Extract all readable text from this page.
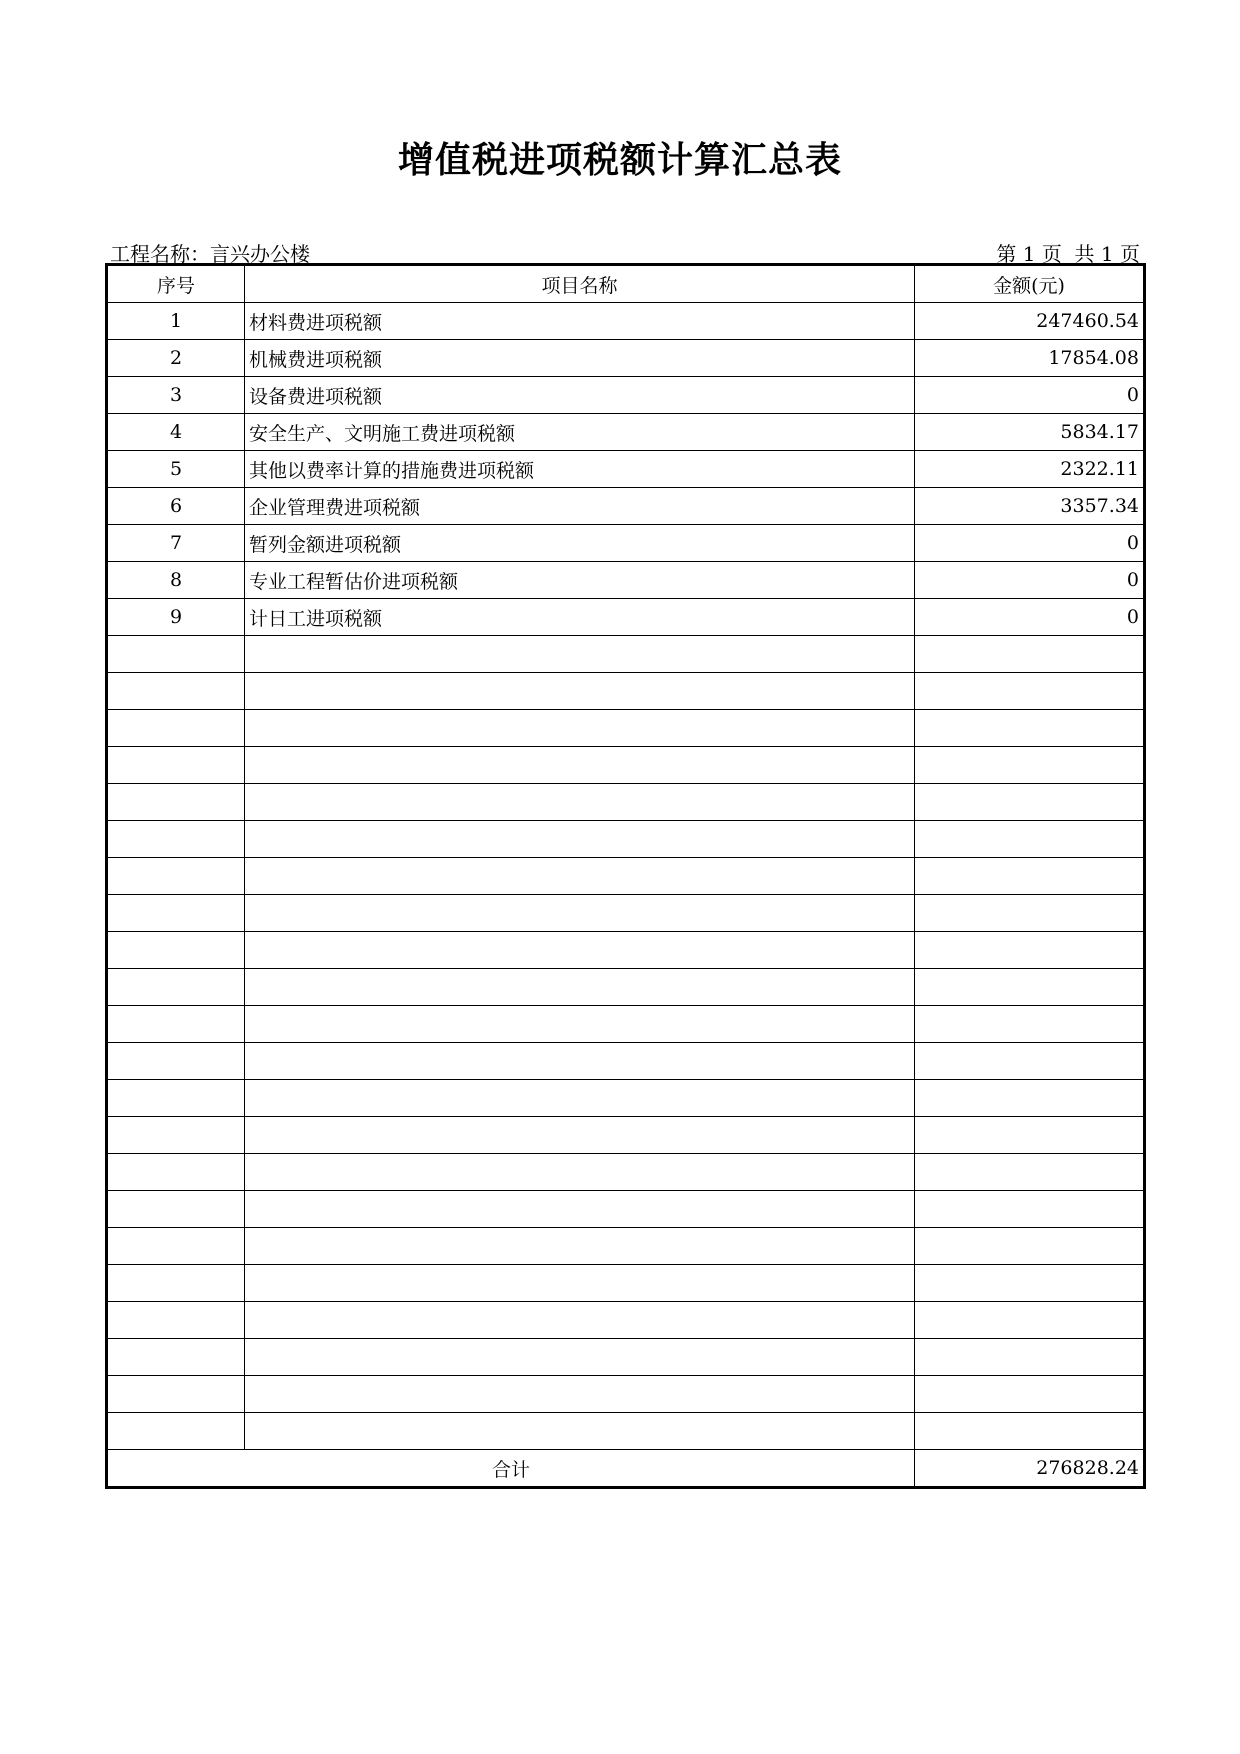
增值税进项税额计算汇总表
工程名称：言兴办公楼	第 1 页  共 1 页
序号	项目名称	金额(元)
1	材料费进项税额	247460.54
2	机械费进项税额	17854.08
3	设备费进项税额	0
4	安全生产、文明施工费进项税额	5834.17
5	其他以费率计算的措施费进项税额	2322.11
6	企业管理费进项税额	3357.34
7	暂列金额进项税额	0
8	专业工程暂估价进项税额	0
9	计日工进项税额	0

合计		276828.24
